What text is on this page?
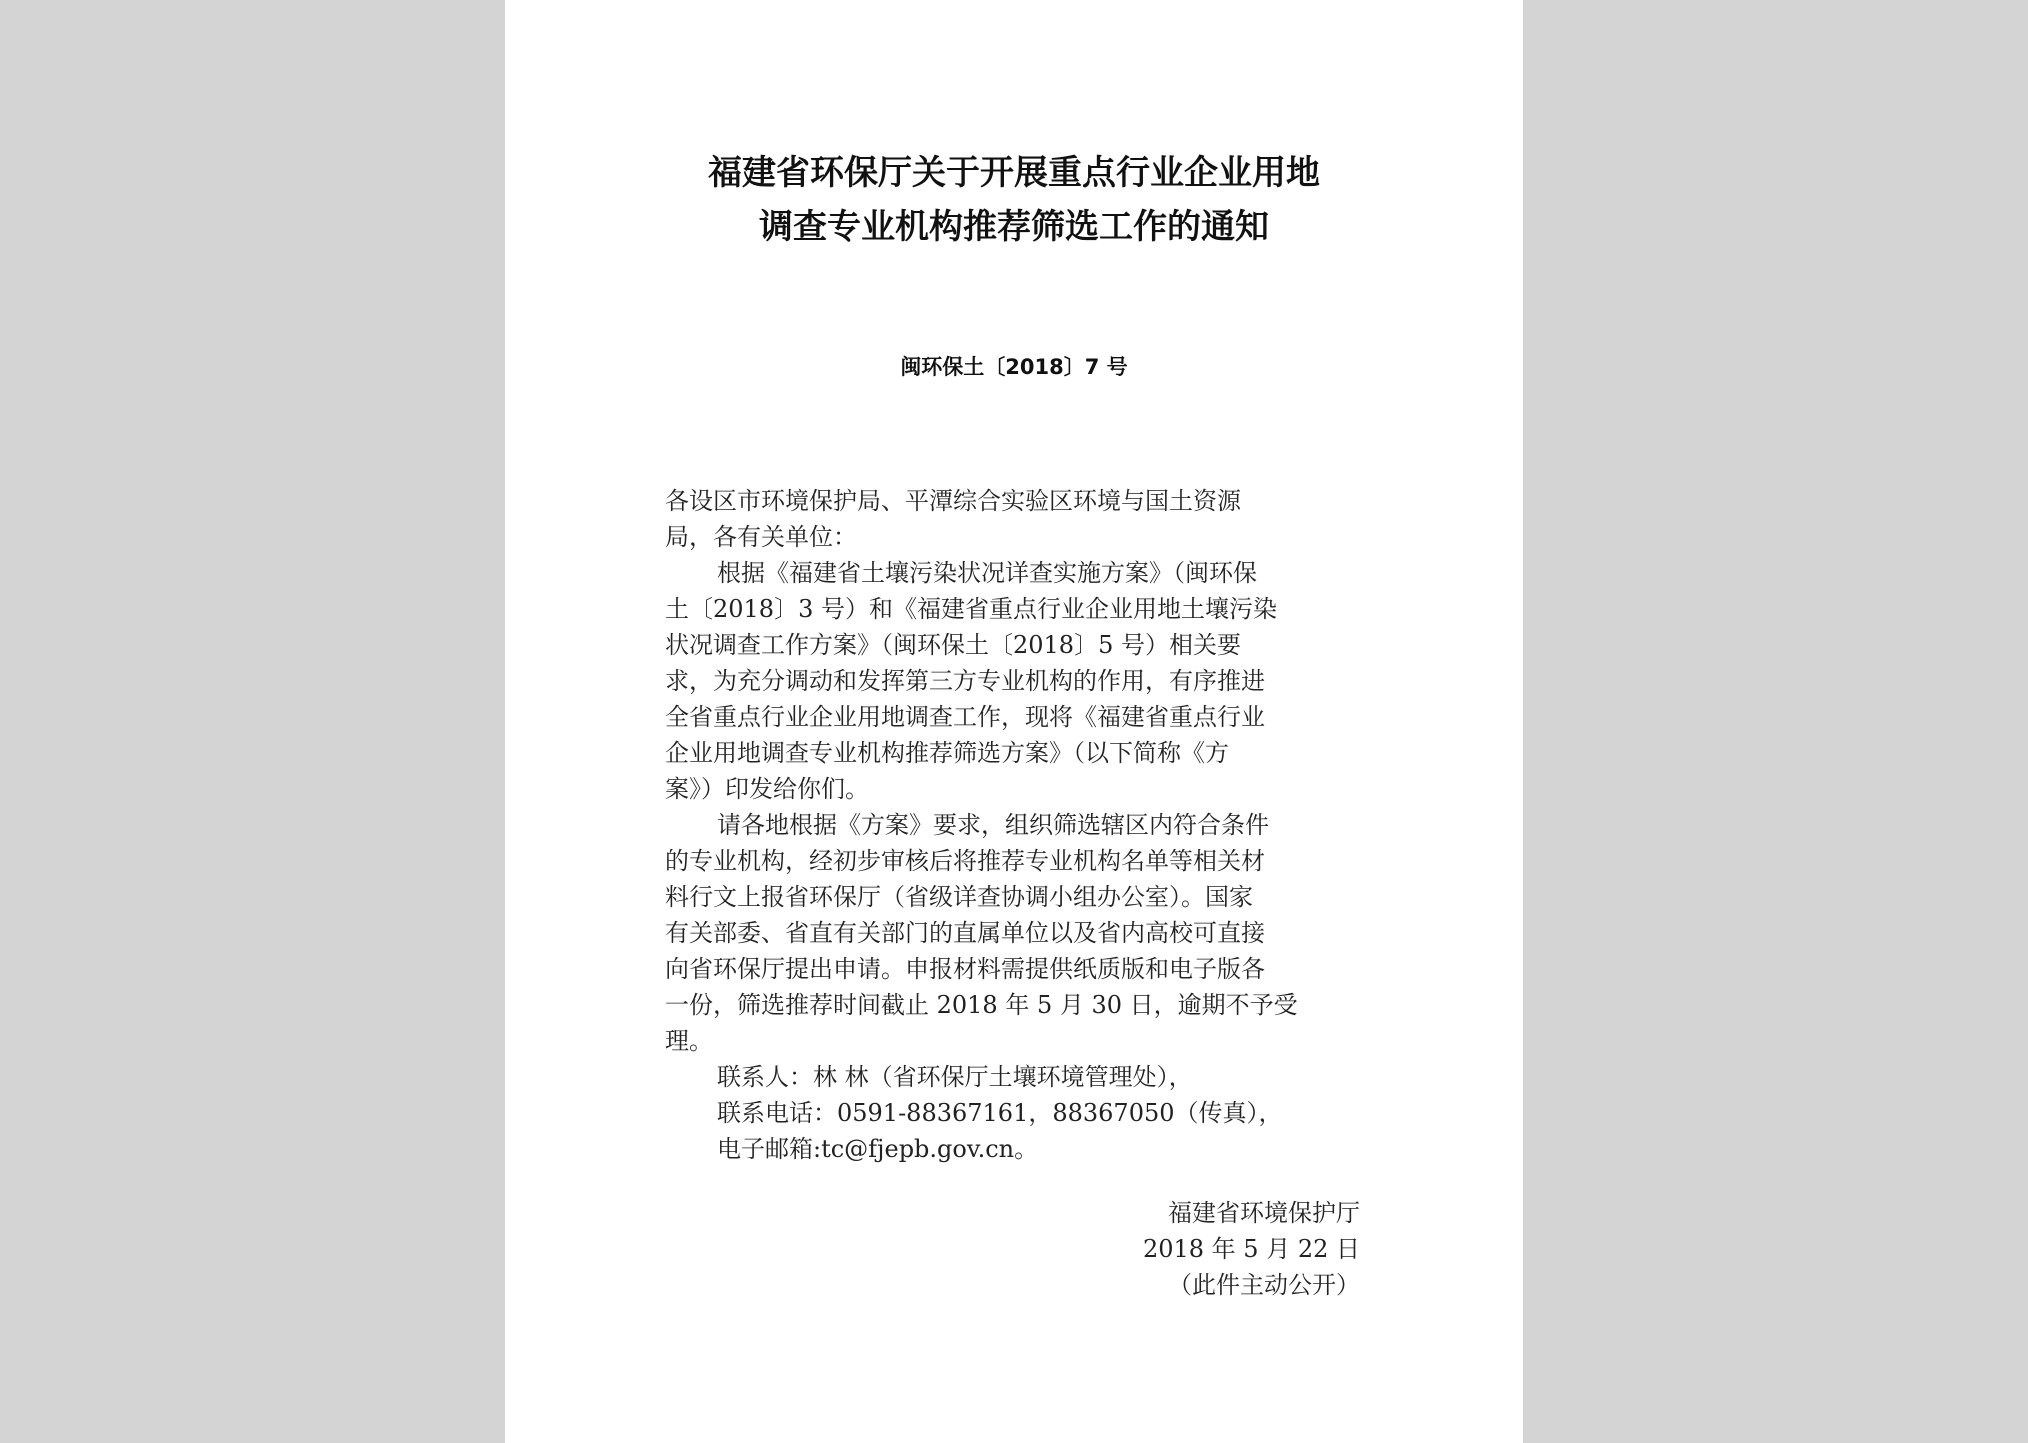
福建省环保厅关于开展重点行业企业用地
调查专业机构推荐筛选工作的通知
闽环保土〔2018〕7 号
各设区市环境保护局、平潭综合实验区环境与国土资源
局，各有关单位：
根据《福建省土壤污染状况详查实施方案》（闽环保
土〔2018〕3 号）和《福建省重点行业企业用地土壤污染
状况调查工作方案》（闽环保土〔2018〕5 号）相关要
求，为充分调动和发挥第三方专业机构的作用，有序推进
全省重点行业企业用地调查工作，现将《福建省重点行业
企业用地调查专业机构推荐筛选方案》（以下简称《方
案》）印发给你们。
请各地根据《方案》要求，组织筛选辖区内符合条件
的专业机构，经初步审核后将推荐专业机构名单等相关材
料行文上报省环保厅（省级详查协调小组办公室）。国家
有关部委、省直有关部门的直属单位以及省内高校可直接
向省环保厅提出申请。申报材料需提供纸质版和电子版各
一份，筛选推荐时间截止 2018 年 5 月 30 日，逾期不予受
理。
联系人：林 林（省环保厅土壤环境管理处），
联系电话：0591-88367161，88367050（传真），
电子邮箱:tc@fjepb.gov.cn。
福建省环境保护厅
2018 年 5 月 22 日
（此件主动公开）
